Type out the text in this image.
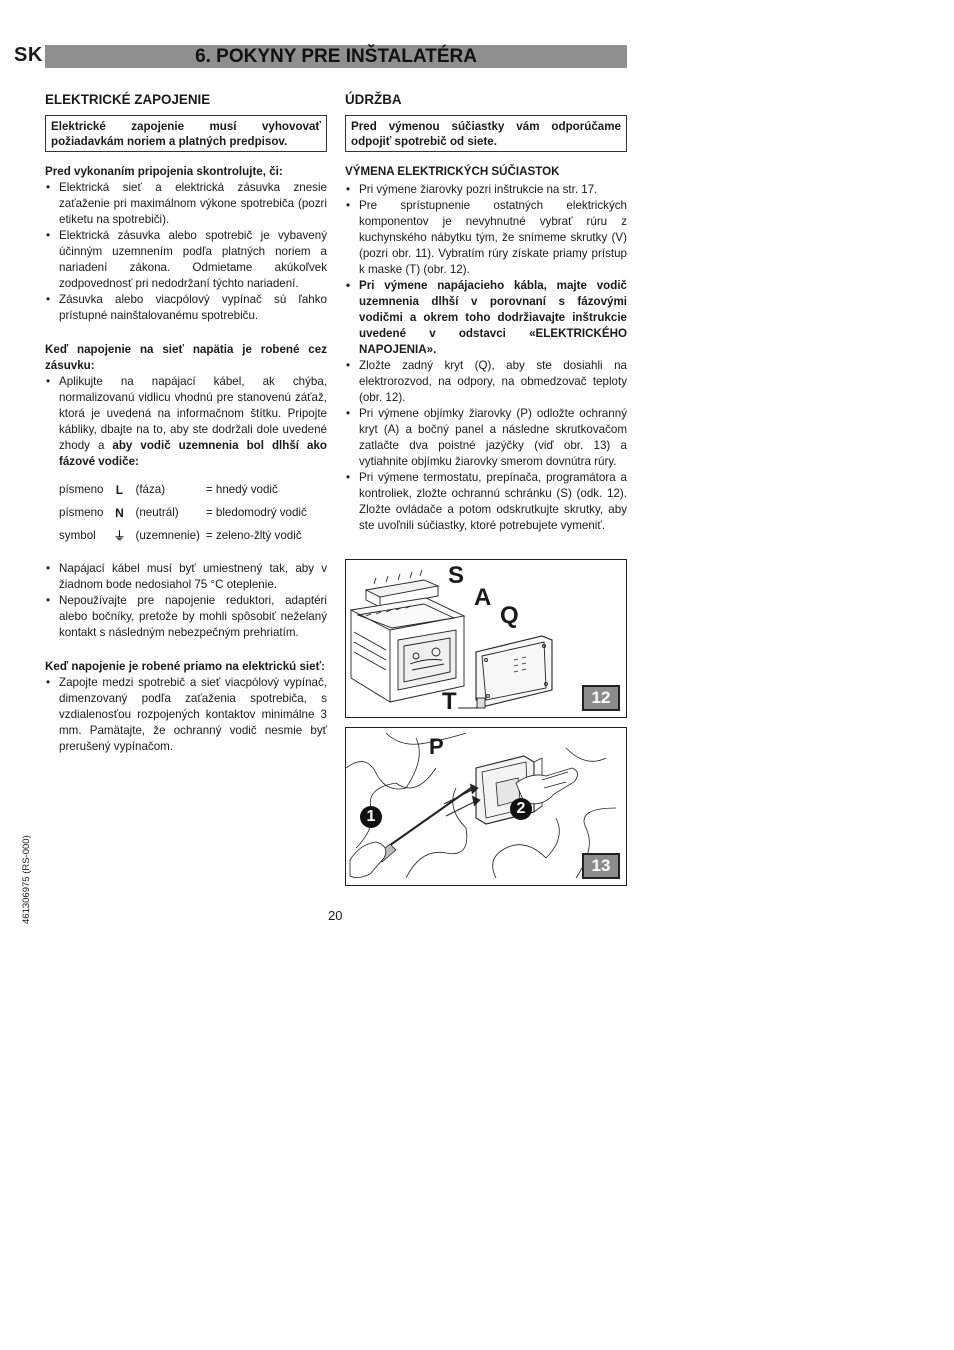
SK	6. POKYNY PRE INŠTALATÉRA
ELEKTRICKÉ ZAPOJENIE
Elektrické zapojenie musí vyhovovať požiadavkám noriem a platných predpisov.

Pred vykonaním pripojenia skontrolujte, či:

• Elektrická sieť a elektrická zásuvka znesie zaťaženie pri maximálnom výkone spotrebiča (pozri etiketu na spotrebiči).
• Elektrická zásuvka alebo spotrebič je vybavený účinným uzemnením podľa platných noriem a nariadení zákona. Odmietame akúkoľvek zodpovednosť pri nedodržaní týchto nariadení.
• Zásuvka alebo viacpólový vypínač sú ľahko prístupné nainštalovanému spotrebiču.

Keď napojenie na sieť napätia je robené cez zásuvku:

• Aplikujte na napájací kábel, ak chýba, normalizovanú vidlicu vhodnú pre stanovenú záťaž, ktorá je uvedená na informačnom štítku. Pripojte kábliky, dbajte na to, aby ste dodržali dole uvedené zhody a aby vodič uzemnenia bol dlhší ako fázové vodiče:
písmeno	L	(fáza)	= hnedý vodič
písmeno	N	(neutrál)	= bledomodrý vodič
symbol	⏚	(uzemnenie)	= zeleno-žltý vodič
• Napájací kábel musí byť umiestnený tak, aby v žiadnom bode nedosiahol 75 °C oteplenie.
• Nepoužívajte pre napojenie reduktori, adaptéri alebo bočníky, pretože by mohli spôsobiť neželaný kontakt s následným nebezpečným prehriatím.

Keď napojenie je robené priamo na elektrickú sieť:

• Zapojte medzi spotrebič a sieť viacpólový vypínač, dimenzovaný podľa zaťaženia spotrebiča, s vzdialenosťou rozpojených kontaktov minimálne 3 mm. Pamätajte, že ochranný vodič nesmie byť prerušený vypínačom.
ÚDRŽBA
Pred výmenou súčiastky vám odporúčame odpojiť spotrebič od siete.
VÝMENA ELEKTRICKÝCH SÚČIASTOK
• Pri výmene žiarovky pozri inštrukcie na str. 17.
• Pre sprístupnenie ostatných elektrických komponentov je nevyhnutné vybrať rúru z kuchynského nábytku tým, že snímeme skrutky (V) (pozri obr. 11). Vybratím rúry získate priamy prístup k maske (T) (obr. 12).
• Pri výmene napájacieho kábla, majte vodič uzemnenia dlhší v porovnaní s fázovými vodičmi a okrem toho dodržiavajte inštrukcie uvedené v odstavci «ELEKTRICKÉHO NAPOJENIA».
• Zložte zadný kryt (Q), aby ste dosiahli na elektrorozvod, na odpory, na obmedzovač teploty (obr. 12).
• Pri výmene objímky žiarovky (P) odložte ochranný kryt (A) a bočný panel a následne skrutkovačom zatlačte dva poistné jazýčky (viď obr. 13) a vytiahnite objímku žiarovky smerom dovnútra rúry.
• Pri výmene termostatu, prepínača, programátora a kontroliek, zložte ochrannú schránku (S) (odk. 12). Zložte ovládače a potom odskrutkujte skrutky, aby ste uvoľnili súčiastky, ktoré potrebujete vymeniť.
S
A
Q
T	12
P
1	2
13
20
461306975 (RS-000)
